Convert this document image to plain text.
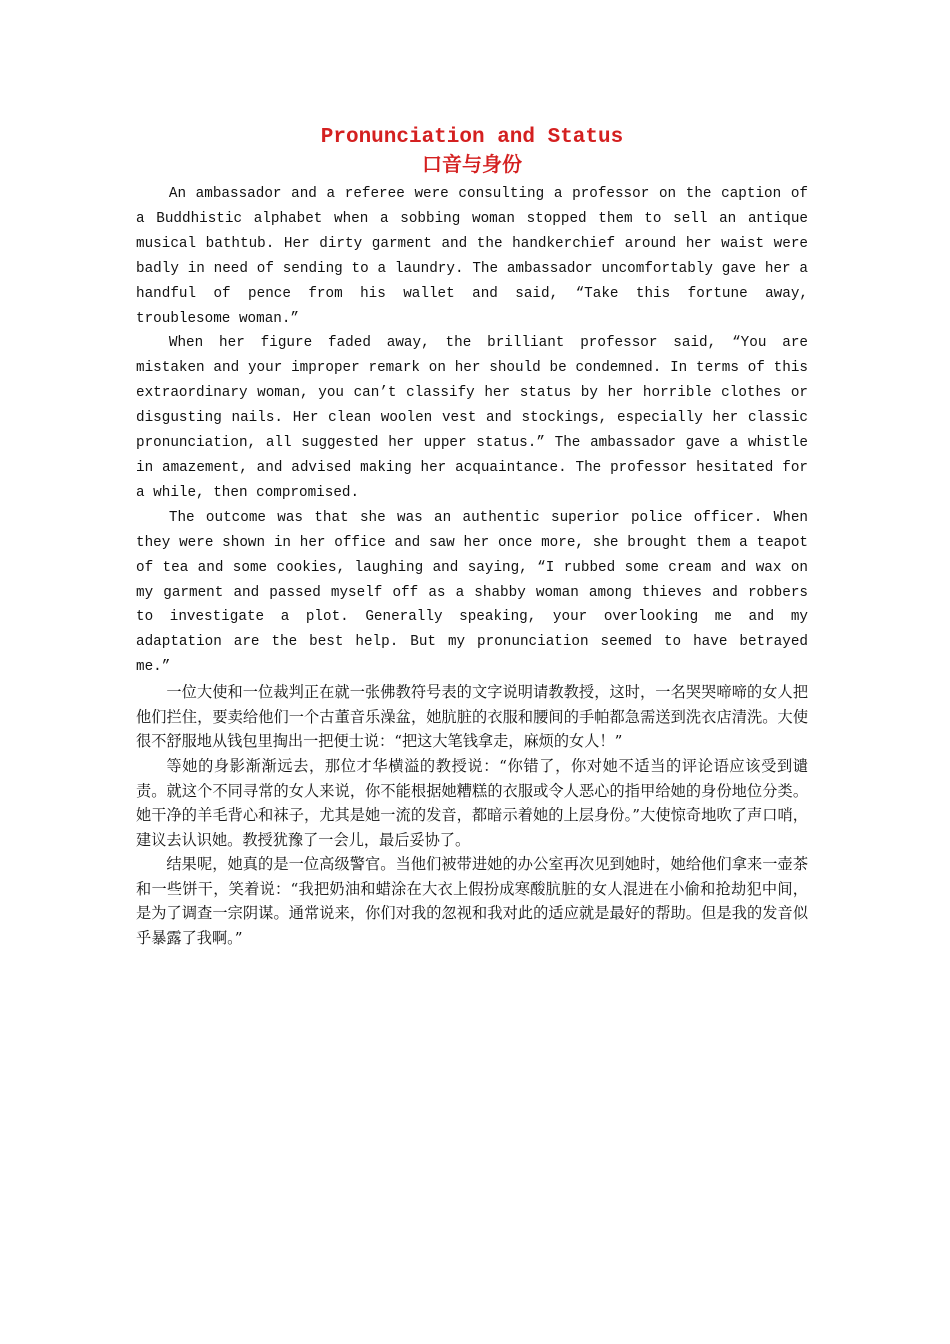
Pronunciation and Status
口音与身份

An ambassador and a referee were consulting a professor on the caption of a Buddhistic alphabet when a sobbing woman stopped them to sell an antique musical bathtub. Her dirty garment and the handkerchief around her waist were badly in need of sending to a laundry. The ambassador uncomfortably gave her a handful of pence from his wallet and said, “Take this fortune away, troublesome woman.”

When her figure faded away, the brilliant professor said, “You are mistaken and your improper remark on her should be condemned. In terms of this extraordinary woman, you can’t classify her status by her horrible clothes or disgusting nails. Her clean woolen vest and stockings, especially her classic pronunciation, all suggested her upper status.” The ambassador gave a whistle in amazement, and advised making her acquaintance. The professor hesitated for a while, then compromised.

The outcome was that she was an authentic superior police officer. When they were shown in her office and saw her once more, she brought them a teapot of tea and some cookies, laughing and saying, “I rubbed some cream and wax on my garment and passed myself off as a shabby woman among thieves and robbers to investigate a plot. Generally speaking, your overlooking me and my adaptation are the best help. But my pronunciation seemed to have betrayed me.”

一位大使和一位裁判正在就一张佛教符号表的文字说明请教教授，这时，一名哭哭啼啼的女人把他们拦住，要卖给他们一个古董音乐澡盆，她肮脏的衣服和腰间的手帕都急需送到洗衣店清洗。大使很不舒服地从钱包里掏出一把便士说：“把这大笔钱拿走，麻烦的女人！”

等她的身影渐渐远去，那位才华横溢的教授说：“你错了，你对她不适当的评论语应该受到谴责。就这个不同寻常的女人来说，你不能根据她糟糕的衣服或令人恶心的指甲给她的身份地位分类。她干净的羊毛背心和袜子，尤其是她一流的发音，都暗示着她的上层身份。”大使惊奇地吹了声口哨，建议去认识她。教授犹豫了一会儿，最后妥协了。

结果呢，她真的是一位高级警官。当他们被带进她的办公室再次见到她时，她给他们拿来一壶茶和一些饼干，笑着说：“我把奶油和蜡涂在大衣上假扮成寒酸肮脏的女人混进在小偷和抢劫犯中间，是为了调查一宗阴谋。通常说来，你们对我的忽视和我对此的适应就是最好的帮助。但是我的发音似乎暴露了我啊。”
